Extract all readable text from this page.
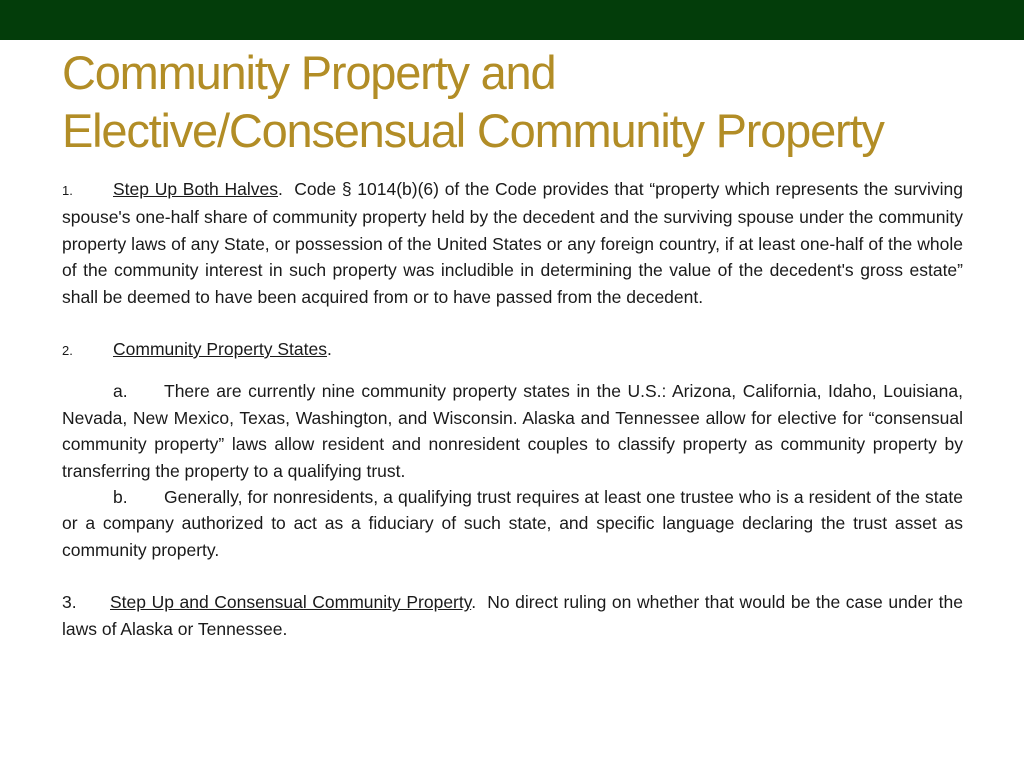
Community Property and
Elective/Consensual Community Property

1. Step Up Both Halves. Code § 1014(b)(6) of the Code provides that “property which represents the surviving spouse's one-half share of community property held by the decedent and the surviving spouse under the community property laws of any State, or possession of the United States or any foreign country, if at least one-half of the whole of the community interest in such property was includible in determining the value of the decedent's gross estate” shall be deemed to have been acquired from or to have passed from the decedent.

2. Community Property States.

a. There are currently nine community property states in the U.S.: Arizona, California, Idaho, Louisiana, Nevada, New Mexico, Texas, Washington, and Wisconsin. Alaska and Tennessee allow for elective for “consensual community property” laws allow resident and nonresident couples to classify property as community property by transferring the property to a qualifying trust.

b. Generally, for nonresidents, a qualifying trust requires at least one trustee who is a resident of the state or a company authorized to act as a fiduciary of such state, and specific language declaring the trust asset as community property.

3. Step Up and Consensual Community Property. No direct ruling on whether that would be the case under the laws of Alaska or Tennessee.
